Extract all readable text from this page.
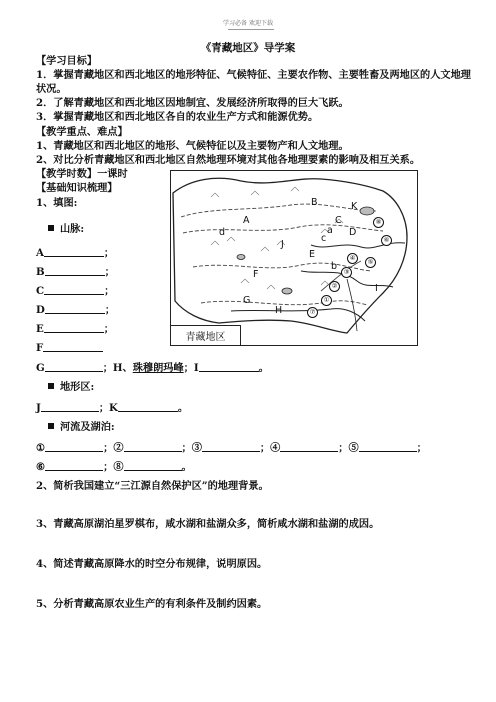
学习必备 欢迎下载
《青藏地区》导学案
【学习目标】
1．掌握青藏地区和西北地区的地形特征、气候特征、主要农作物、主要牲畜及两地区的人文地理
状况。
2．了解青藏地区和西北地区因地制宜、发展经济所取得的巨大飞跃。
3．掌握青藏地区和西北地区各自的农业生产方式和能源优势。
【教学重点、难点】
1、青藏地区和西北地区的地形、气候特征以及主要物产和人文地理。
2、对比分析青藏地区和西北地区自然地理环境对其他各地理要素的影响及相互关系。
【教学时数】一课时
【基础知识梳理】
1、填图:
山脉:
A	；
B	；
C	；
D	；
E	；
F
G	；H、珠穆朗玛峰；I	。
地形区:
J	；K	。
河流及湖泊:
①	；②	；③	；④	；⑤	；
⑥	；⑧	。
2、简析我国建立“三江源自然保护区”的地理背景。
3、青藏高原湖泊星罗棋布，咸水湖和盐湖众多，简析咸水湖和盐湖的成因。
4、简述青藏高原降水的时空分布规律，说明原因。
5、分析青藏高原农业生产的有利条件及制约因素。
A
B	K
C
a D
E
J
F
d
c
b
G
I
H
①
②
③
④	⑤
⑥
⑦
⑧
青藏地区
